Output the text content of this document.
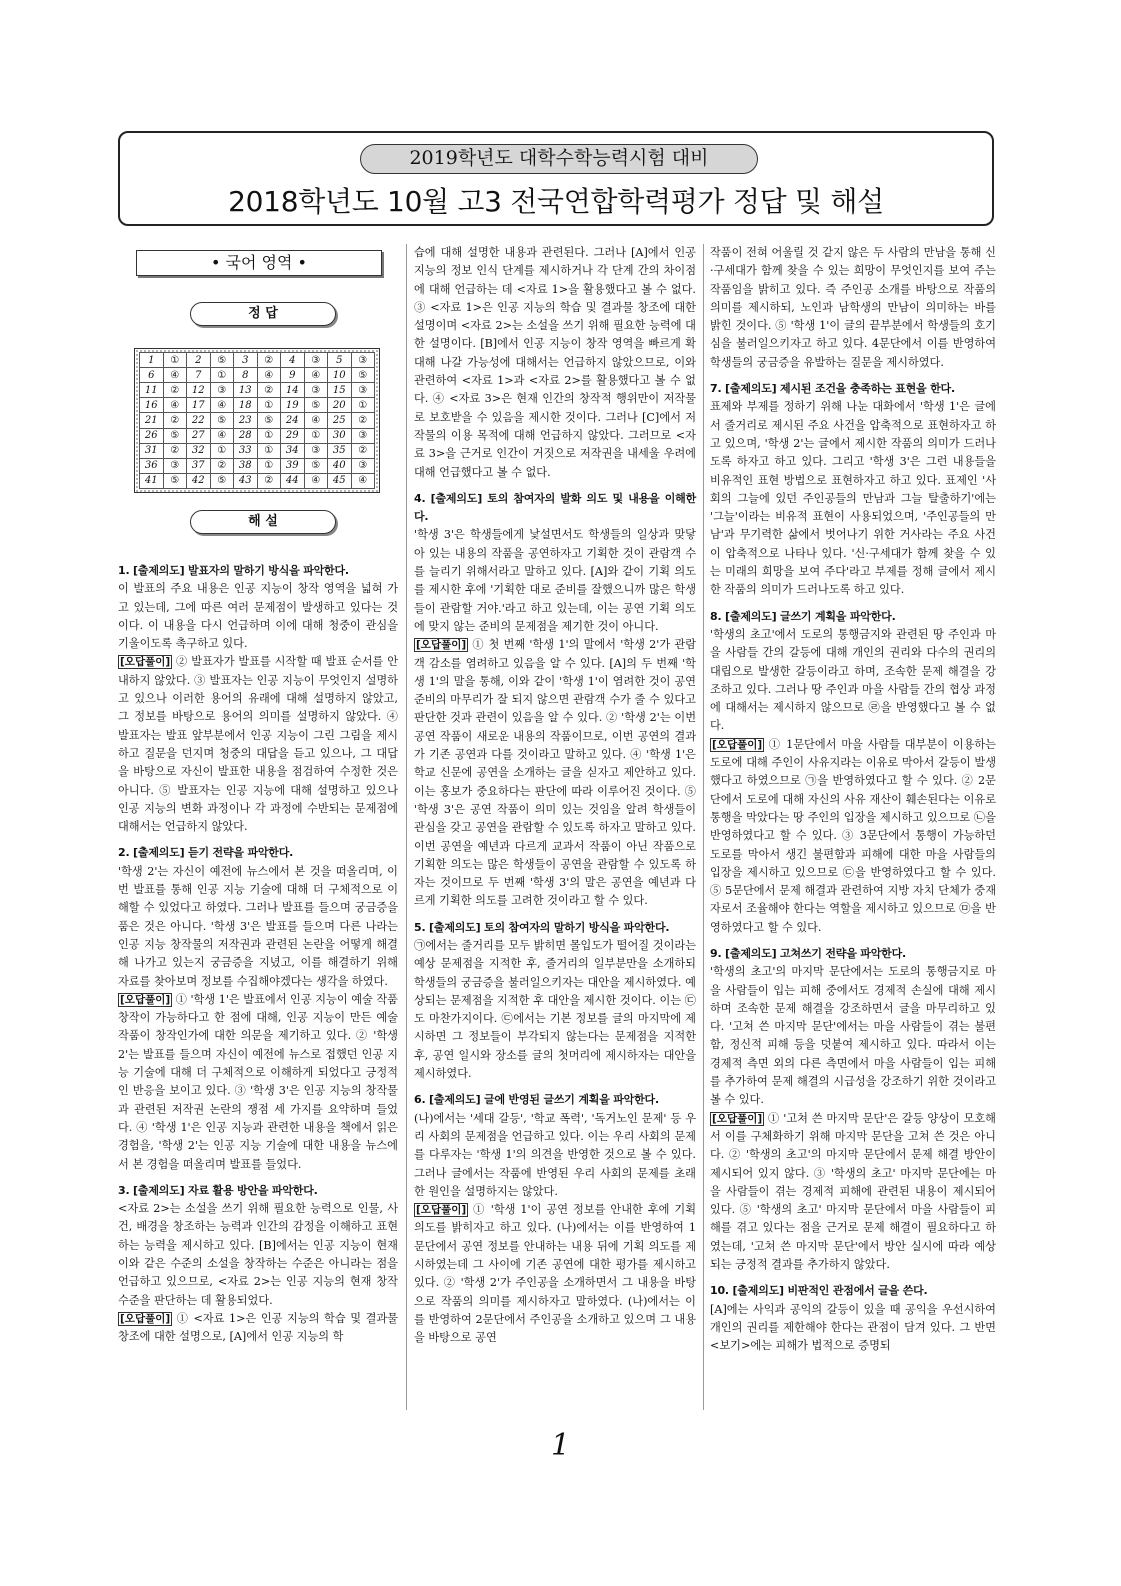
2019학년도 대학수학능력시험 대비
2018학년도 10월 고3 전국연합학력평가 정답 및 해설
• 국어 영역 •
정 답
1	①	2	⑤	3	②	4	③	5	③
6	④	7	①	8	④	9	④	10	⑤
11	②	12	③	13	②	14	③	15	③
16	④	17	④	18	①	19	⑤	20	①
21	②	22	⑤	23	⑤	24	④	25	②
26	⑤	27	④	28	①	29	①	30	③
31	②	32	①	33	①	34	③	35	②
36	③	37	②	38	①	39	⑤	40	③
41	⑤	42	⑤	43	②	44	④	45	④
해 설
1. [출제의도] 발표자의 말하기 방식을 파악한다.
이 발표의 주요 내용은 인공 지능이 창작 영역을 넓혀 가고 있는데, 그에 따른 여러 문제점이 발생하고 있다는 것이다. 이 내용을 다시 언급하며 이에 대해 청중이 관심을 기울이도록 촉구하고 있다.
[오답풀이] ② 발표자가 발표를 시작할 때 발표 순서를 안내하지 않았다. ③ 발표자는 인공 지능이 무엇인지 설명하고 있으나 이러한 용어의 유래에 대해 설명하지 않았고, 그 정보를 바탕으로 용어의 의미를 설명하지 않았다. ④ 발표자는 발표 앞부분에서 인공 지능이 그린 그림을 제시하고 질문을 던지며 청중의 대답을 듣고 있으나, 그 대답을 바탕으로 자신이 발표한 내용을 점검하여 수정한 것은 아니다. ⑤ 발표자는 인공 지능에 대해 설명하고 있으나 인공 지능의 변화 과정이나 각 과정에 수반되는 문제점에 대해서는 언급하지 않았다.
2. [출제의도] 듣기 전략을 파악한다.
'학생 2'는 자신이 예전에 뉴스에서 본 것을 떠올리며, 이번 발표를 통해 인공 지능 기술에 대해 더 구체적으로 이해할 수 있었다고 하였다. 그러나 발표를 들으며 궁금증을 품은 것은 아니다. '학생 3'은 발표를 들으며 다른 나라는 인공 지능 창작물의 저작권과 관련된 논란을 어떻게 해결해 나가고 있는지 궁금증을 지녔고, 이를 해결하기 위해 자료를 찾아보며 정보를 수집해야겠다는 생각을 하였다.
[오답풀이] ① '학생 1'은 발표에서 인공 지능이 예술 작품 창작이 가능하다고 한 점에 대해, 인공 지능이 만든 예술 작품이 창작인가에 대한 의문을 제기하고 있다. ② '학생 2'는 발표를 들으며 자신이 예전에 뉴스로 접했던 인공 지능 기술에 대해 더 구체적으로 이해하게 되었다고 긍정적인 반응을 보이고 있다. ③ '학생 3'은 인공 지능의 창작물과 관련된 저작권 논란의 쟁점 세 가지를 요약하며 들었다. ④ '학생 1'은 인공 지능과 관련한 내용을 책에서 읽은 경험을, '학생 2'는 인공 지능 기술에 대한 내용을 뉴스에서 본 경험을 떠올리며 발표를 들었다.
3. [출제의도] 자료 활용 방안을 파악한다.
<자료 2>는 소설을 쓰기 위해 필요한 능력으로 인물, 사건, 배경을 창조하는 능력과 인간의 감정을 이해하고 표현하는 능력을 제시하고 있다. [B]에서는 인공 지능이 현재 이와 같은 수준의 소설을 창작하는 수준은 아니라는 점을 언급하고 있으므로, <자료 2>는 인공 지능의 현재 창작 수준을 판단하는 데 활용되었다.
[오답풀이] ① <자료 1>은 인공 지능의 학습 및 결과물 창조에 대한 설명으로, [A]에서 인공 지능의 학
습에 대해 설명한 내용과 관련된다. 그러나 [A]에서 인공 지능의 정보 인식 단계를 제시하거나 각 단계 간의 차이점에 대해 언급하는 데 <자료 1>을 활용했다고 볼 수 없다. ③ <자료 1>은 인공 지능의 학습 및 결과물 창조에 대한 설명이며 <자료 2>는 소설을 쓰기 위해 필요한 능력에 대한 설명이다. [B]에서 인공 지능이 창작 영역을 빠르게 확대해 나갈 가능성에 대해서는 언급하지 않았으므로, 이와 관련하여 <자료 1>과 <자료 2>를 활용했다고 볼 수 없다. ④ <자료 3>은 현재 인간의 창작적 행위만이 저작물로 보호받을 수 있음을 제시한 것이다. 그러나 [C]에서 저작물의 이용 목적에 대해 언급하지 않았다. 그러므로 <자료 3>을 근거로 인간이 거짓으로 저작권을 내세울 우려에 대해 언급했다고 볼 수 없다.
4. [출제의도] 토의 참여자의 발화 의도 및 내용을 이해한다.
'학생 3'은 학생들에게 낯설면서도 학생들의 일상과 맞닿아 있는 내용의 작품을 공연하자고 기획한 것이 관람객 수를 늘리기 위해서라고 말하고 있다. [A]와 같이 기획 의도를 제시한 후에 '기획한 대로 준비를 잘했으니까 많은 학생들이 관람할 거야.'라고 하고 있는데, 이는 공연 기획 의도에 맞지 않는 준비의 문제점을 제기한 것이 아니다.
[오답풀이] ① 첫 번째 '학생 1'의 말에서 '학생 2'가 관람객 감소를 염려하고 있음을 알 수 있다. [A]의 두 번째 '학생 1'의 말을 통해, 이와 같이 '학생 1'이 염려한 것이 공연 준비의 마무리가 잘 되지 않으면 관람객 수가 줄 수 있다고 판단한 것과 관련이 있음을 알 수 있다. ② '학생 2'는 이번 공연 작품이 새로운 내용의 작품이므로, 이번 공연의 결과가 기존 공연과 다를 것이라고 말하고 있다. ④ '학생 1'은 학교 신문에 공연을 소개하는 글을 싣자고 제안하고 있다. 이는 홍보가 중요하다는 판단에 따라 이루어진 것이다. ⑤ '학생 3'은 공연 작품이 의미 있는 것임을 알려 학생들이 관심을 갖고 공연을 관람할 수 있도록 하자고 말하고 있다. 이번 공연을 예년과 다르게 교과서 작품이 아닌 작품으로 기획한 의도는 많은 학생들이 공연을 관람할 수 있도록 하자는 것이므로 두 번째 '학생 3'의 말은 공연을 예년과 다르게 기획한 의도를 고려한 것이라고 할 수 있다.
5. [출제의도] 토의 참여자의 말하기 방식을 파악한다.
㉠에서는 줄거리를 모두 밝히면 몰입도가 떨어질 것이라는 예상 문제점을 지적한 후, 줄거리의 일부분만을 소개하되 학생들의 궁금증을 불러일으키자는 대안을 제시하였다. 예상되는 문제점을 지적한 후 대안을 제시한 것이다. 이는 ㉢도 마찬가지이다. ㉢에서는 기본 정보를 글의 마지막에 제시하면 그 정보들이 부각되지 않는다는 문제점을 지적한 후, 공연 일시와 장소를 글의 첫머리에 제시하자는 대안을 제시하였다.
6. [출제의도] 글에 반영된 글쓰기 계획을 파악한다.
(나)에서는 '세대 갈등', '학교 폭력', '독거노인 문제' 등 우리 사회의 문제점을 언급하고 있다. 이는 우리 사회의 문제를 다루자는 '학생 1'의 의견을 반영한 것으로 볼 수 있다. 그러나 글에서는 작품에 반영된 우리 사회의 문제를 초래한 원인을 설명하지는 않았다.
[오답풀이] ① '학생 1'이 공연 정보를 안내한 후에 기획 의도를 밝히자고 하고 있다. (나)에서는 이를 반영하여 1문단에서 공연 정보를 안내하는 내용 뒤에 기획 의도를 제시하였는데 그 사이에 기존 공연에 대한 평가를 제시하고 있다. ② '학생 2'가 주인공을 소개하면서 그 내용을 바탕으로 작품의 의미를 제시하자고 말하였다. (나)에서는 이를 반영하여 2문단에서 주인공을 소개하고 있으며 그 내용을 바탕으로 공연
작품이 전혀 어울릴 것 같지 않은 두 사람의 만남을 통해 신·구세대가 함께 찾을 수 있는 희망이 무엇인지를 보여 주는 작품임을 밝히고 있다. 즉 주인공 소개를 바탕으로 작품의 의미를 제시하되, 노인과 남학생의 만남이 의미하는 바를 밝힌 것이다. ⑤ '학생 1'이 글의 끝부분에서 학생들의 호기심을 불러일으키자고 하고 있다. 4문단에서 이를 반영하여 학생들의 궁금증을 유발하는 질문을 제시하였다.
7. [출제의도] 제시된 조건을 충족하는 표현을 한다.
표제와 부제를 정하기 위해 나눈 대화에서 '학생 1'은 글에서 줄거리로 제시된 주요 사건을 압축적으로 표현하자고 하고 있으며, '학생 2'는 글에서 제시한 작품의 의미가 드러나도록 하자고 하고 있다. 그리고 '학생 3'은 그런 내용들을 비유적인 표현 방법으로 표현하자고 하고 있다. 표제인 '사회의 그늘에 있던 주인공들의 만남과 그늘 탈출하기'에는 '그늘'이라는 비유적 표현이 사용되었으며, '주인공들의 만남'과 무기력한 삶에서 벗어나기 위한 거사라는 주요 사건이 압축적으로 나타나 있다. '신·구세대가 함께 찾을 수 있는 미래의 희망을 보여 주다'라고 부제를 정해 글에서 제시한 작품의 의미가 드러나도록 하고 있다.
8. [출제의도] 글쓰기 계획을 파악한다.
'학생의 초고'에서 도로의 통행금지와 관련된 땅 주인과 마을 사람들 간의 갈등에 대해 개인의 권리와 다수의 권리의 대립으로 발생한 갈등이라고 하며, 조속한 문제 해결을 강조하고 있다. 그러나 땅 주인과 마을 사람들 간의 협상 과정에 대해서는 제시하지 않으므로 ㉣을 반영했다고 볼 수 없다.
[오답풀이] ① 1문단에서 마을 사람들 대부분이 이용하는 도로에 대해 주인이 사유지라는 이유로 막아서 갈등이 발생했다고 하였으므로 ㉠을 반영하였다고 할 수 있다. ② 2문단에서 도로에 대해 자신의 사유 재산이 훼손된다는 이유로 통행을 막았다는 땅 주인의 입장을 제시하고 있으므로 ㉡을 반영하였다고 할 수 있다. ③ 3문단에서 통행이 가능하던 도로를 막아서 생긴 불편함과 피해에 대한 마을 사람들의 입장을 제시하고 있으므로 ㉢을 반영하였다고 할 수 있다. ⑤ 5문단에서 문제 해결과 관련하여 지방 자치 단체가 중재자로서 조율해야 한다는 역할을 제시하고 있으므로 ㉤을 반영하였다고 할 수 있다.
9. [출제의도] 고쳐쓰기 전략을 파악한다.
'학생의 초고'의 마지막 문단에서는 도로의 통행금지로 마을 사람들이 입는 피해 중에서도 경제적 손실에 대해 제시하며 조속한 문제 해결을 강조하면서 글을 마무리하고 있다. '고쳐 쓴 마지막 문단'에서는 마을 사람들이 겪는 불편함, 정신적 피해 등을 덧붙여 제시하고 있다. 따라서 이는 경제적 측면 외의 다른 측면에서 마을 사람들이 입는 피해를 추가하여 문제 해결의 시급성을 강조하기 위한 것이라고 볼 수 있다.
[오답풀이] ① '고쳐 쓴 마지막 문단'은 갈등 양상이 모호해서 이를 구체화하기 위해 마지막 문단을 고쳐 쓴 것은 아니다. ② '학생의 초고'의 마지막 문단에서 문제 해결 방안이 제시되어 있지 않다. ③ '학생의 초고' 마지막 문단에는 마을 사람들이 겪는 경제적 피해에 관련된 내용이 제시되어 있다. ⑤ '학생의 초고' 마지막 문단에서 마을 사람들이 피해를 겪고 있다는 점을 근거로 문제 해결이 필요하다고 하였는데, '고쳐 쓴 마지막 문단'에서 방안 실시에 따라 예상되는 긍정적 결과를 추가하지 않았다.
10. [출제의도] 비판적인 관점에서 글을 쓴다.
[A]에는 사익과 공익의 갈등이 있을 때 공익을 우선시하여 개인의 권리를 제한해야 한다는 관점이 담겨 있다. 그 반면 <보기>에는 피해가 법적으로 증명되
1
